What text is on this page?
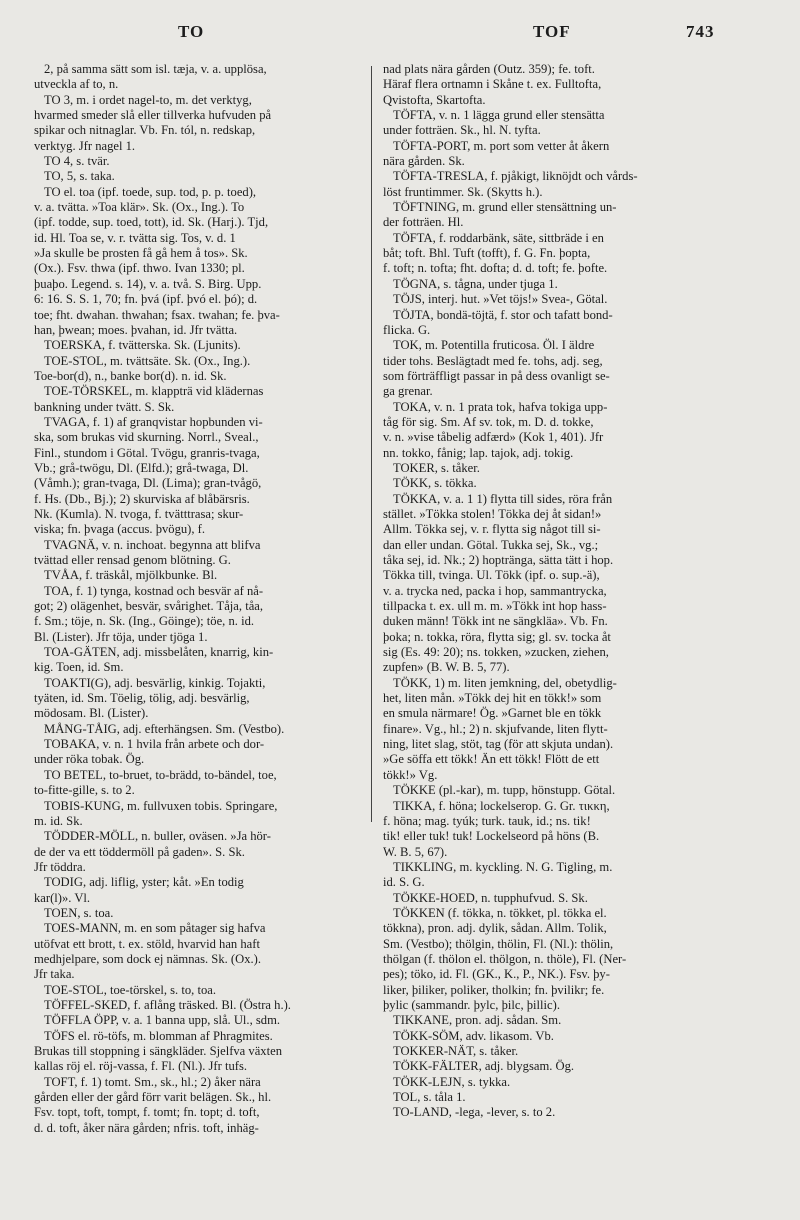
TO	TOF	743
2, på samma sätt som isl. tæja, v. a. upplösa,
utveckla af to, n.
TO 3, m. i ordet nagel-to, m. det verktyg,
hvarmed smeder slå eller tillverka hufvuden på
spikar och nitnaglar. Vb. Fn. tól, n. redskap,
verktyg. Jfr nagel 1.
TO 4, s. tvär.
TO, 5, s. taka.
TO el. toa (ipf. toede, sup. tod, p. p. toed),
v. a. tvätta. »Toa klär». Sk. (Ox., Ing.). To
(ipf. todde, sup. toed, tott), id. Sk. (Harj.). Tjd,
id. Hl. Toa se, v. r. tvätta sig. Tos, v. d. 1
»Ja skulle be prosten få gå hem å tos». Sk.
(Ox.). Fsv. thwa (ipf. thwo. Ivan 1330; pl.
þuaþo. Legend. s. 14), v. a. två. S. Birg. Upp.
6: 16. S. S. 1, 70; fn. þvá (ipf. þvó el. þó); d.
toe; fht. dwahan. thwahan; fsax. twahan; fe. þva-
han, þwean; moes. þvahan, id. Jfr tvätta.
TOERSKA, f. tvätterska. Sk. (Ljunits).
TOE-STOL, m. tvättsäte. Sk. (Ox., Ing.).
Toe-bor(d), n., banke bor(d). n. id. Sk.
TOE-TÖRSKEL, m. klappträ vid klädernas
bankning under tvätt. S. Sk.
TVAGA, f. 1) af granqvistar hopbunden vi-
ska, som brukas vid skurning. Norrl., Sveal.,
Finl., stundom i Götal. Tvögu, granris-tvaga,
Vb.; grå-twögu, Dl. (Elfd.); grå-twaga, Dl.
(Våmh.); gran-tvaga, Dl. (Lima); gran-tvågö,
f. Hs. (Db., Bj.); 2) skurviska af blåbärsris.
Nk. (Kumla). N. tvoga, f. tvätttrasa; skur-
viska; fn. þvaga (accus. þvögu), f.
TVAGNÄ, v. n. inchoat. begynna att blifva
tvättad eller rensad genom blötning. G.
TVÅA, f. träskål, mjölkbunke. Bl.
TOA, f. 1) tynga, kostnad och besvär af nå-
got; 2) olägenhet, besvär, svårighet. Tåja, tåa,
f. Sm.; töje, n. Sk. (Ing., Göinge); töe, n. id.
Bl. (Lister). Jfr töja, under tjöga 1.
TOA-GÄTEN, adj. missbelåten, knarrig, kin-
kig. Toen, id. Sm.
TOAKTI(G), adj. besvärlig, kinkig. Tojakti,
tyäten, id. Sm. Töelig, tölig, adj. besvärlig,
mödosam. Bl. (Lister).
MÅNG-TÅIG, adj. efterhängsen. Sm. (Vestbo).
TOBAKA, v. n. 1 hvila från arbete och dor-
under röka tobak. Ög.
TO BETEL, to-bruet, to-brädd, to-bändel, toe,
to-fitte-gille, s. to 2.
TOBIS-KUNG, m. fullvuxen tobis. Springare,
m. id. Sk.
TÖDDER-MÖLL, n. buller, oväsen. »Ja hör-
de der va ett töddermöll på gaden». S. Sk.
Jfr töddra.
TODIG, adj. liflig, yster; kåt. »En todig
kar(l)». Vl.
TOEN, s. toa.
TOES-MANN, m. en som påtager sig hafva
utöfvat ett brott, t. ex. stöld, hvarvid han haft
medhjelpare, som dock ej nämnas. Sk. (Ox.).
Jfr taka.
TOE-STOL, toe-törskel, s. to, toa.
TÖFFEL-SKED, f. aflång träsked. Bl. (Östra h.).
TÖFFLA ÖPP, v. a. 1 banna upp, slå. Ul., sdm.
TÖFS el. rö-töfs, m. blomman af Phragmites.
Brukas till stoppning i sängkläder. Sjelfva växten
kallas röj el. röj-vassa, f. Fl. (Nl.). Jfr tufs.
TOFT, f. 1) tomt. Sm., sk., hl.; 2) åker nära
gården eller der gård förr varit belägen. Sk., hl.
Fsv. topt, toft, tompt, f. tomt; fn. topt; d. toft,
d. d. toft, åker nära gården; nfris. toft, inhäg-
nad plats nära gården (Outz. 359); fe. toft.
Häraf flera ortnamn i Skåne t. ex. Fulltofta,
Qvistofta, Skartofta.
TÖFTA, v. n. 1 lägga grund eller stensätta
under fotträen. Sk., hl. N. tyfta.
TÖFTA-PORT, m. port som vetter åt åkern
nära gården. Sk.
TÖFTA-TRESLA, f. pjåkigt, liknöjdt och vårds-
löst fruntimmer. Sk. (Skytts h.).
TÖFTNING, m. grund eller stensättning un-
der fotträen. Hl.
TÖFTA, f. roddarbänk, säte, sittbräde i en
båt; toft. Bhl. Tuft (tofft), f. G. Fn. þopta,
f. toft; n. tofta; fht. dofta; d. d. toft; fe. þofte.
TÖGNA, s. tågna, under tjuga 1.
TÖJS, interj. hut. »Vet töjs!» Svea-, Götal.
TÖJTA, bondä-töjtä, f. stor och tafatt bond-
flicka. G.
TOK, m. Potentilla fruticosa. Öl. I äldre
tider tohs. Beslägtadt med fe. tohs, adj. seg,
som förträffligt passar in på dess ovanligt se-
ga grenar.
TOKA, v. n. 1 prata tok, hafva tokiga upp-
tåg för sig. Sm. Af sv. tok, m. D. d. tokke,
v. n. »vise tåbelig adfærd» (Kok 1, 401). Jfr
nn. tokko, fånig; lap. tajok, adj. tokig.
TOKER, s. tåker.
TÖKK, s. tökka.
TÖKKA, v. a. 1 1) flytta till sides, röra från
stället. »Tökka stolen! Tökka dej åt sidan!»
Allm. Tökka sej, v. r. flytta sig något till si-
dan eller undan. Götal. Tukka sej, Sk., vg.;
tåka sej, id. Nk.; 2) hoptränga, sätta tätt i hop.
Tökka till, tvinga. Ul. Tökk (ipf. o. sup.-ä),
v. a. trycka ned, packa i hop, sammantrycka,
tillpacka t. ex. ull m. m. »Tökk int hop hass-
duken männ! Tökk int ne sängkläa». Vb. Fn.
þoka; n. tokka, röra, flytta sig; gl. sv. tocka åt
sig (Es. 49: 20); ns. tokken, »zucken, ziehen,
zupfen» (B. W. B. 5, 77).
TÖKK, 1) m. liten jemkning, del, obetydlig-
het, liten mån. »Tökk dej hit en tökk!» som
en smula närmare! Ög. »Garnet ble en tökk
finare». Vg., hl.; 2) n. skjufvande, liten flytt-
ning, litet slag, stöt, tag (för att skjuta undan).
»Ge söffa ett tökk! Än ett tökk! Flött de ett
tökk!» Vg.
TÖKKE (pl.-kar), m. tupp, hönstupp. Götal.
TIKKA, f. höna; lockelserop. G. Gr. τικκη,
f. höna; mag. tyúk; turk. tauk, id.; ns. tik!
tik! eller tuk! tuk! Lockelseord på höns (B.
W. B. 5, 67).
TIKKLING, m. kyckling. N. G. Tigling, m.
id. S. G.
TÖKKE-HOED, n. tupphufvud. S. Sk.
TÖKKEN (f. tökka, n. tökket, pl. tökka el.
tökkna), pron. adj. dylik, sådan. Allm. Tolik,
Sm. (Vestbo); thölgin, thölin, Fl. (Nl.): thölin,
thölgan (f. thölon el. thölgon, n. thöle), Fl. (Ner-
pes); töko, id. Fl. (GK., K., P., NK.). Fsv. þy-
liker, þiliker, poliker, tholkin; fn. þvilikr; fe.
þylic (sammandr. þylc, þilc, þillic).
TIKKANE, pron. adj. sådan. Sm.
TÖKK-SÖM, adv. likasom. Vb.
TOKKER-NÄT, s. tåker.
TÖKK-FÄLTER, adj. blygsam. Ög.
TÖKK-LEJN, s. tykka.
TOL, s. tåla 1.
TO-LAND, -lega, -lever, s. to 2.
